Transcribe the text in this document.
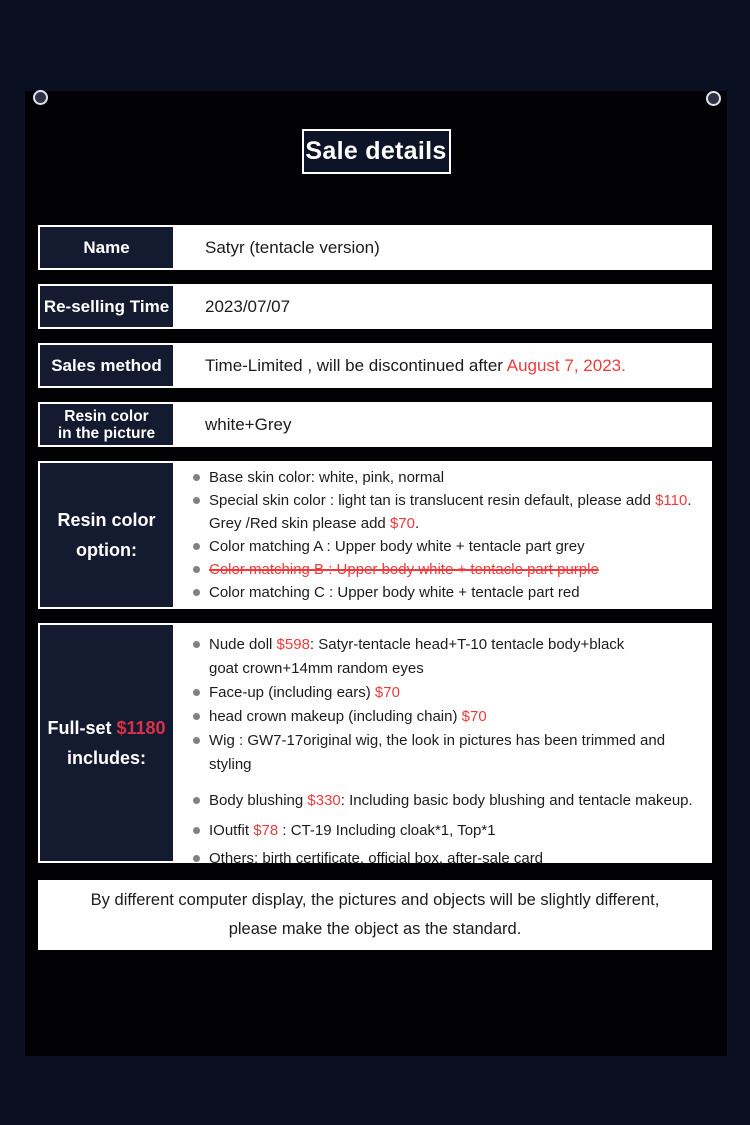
Sale details
Name	Satyr (tentacle version)
Re-selling Time 2023/07/07
Sales method	Time-Limited , will be discontinued after August 7, 2023.
Resin color
in the picture	white+Grey
Resin color
option:
Base skin color: white, pink, normal
Special skin color : light tan is translucent resin default, please add $110.
Grey /Red skin please add $70.
Color matching A : Upper body white + tentacle part grey
Color matching B : Upper body white + tentacle part purple
Color matching C : Upper body white + tentacle part red
Full-set $1180
includes:
Nude doll $598: Satyr-tentacle head+T-10 tentacle body+black
goat crown+14mm random eyes
Face-up (including ears) $70
head crown makeup (including chain) $70
Wig : GW7-17original wig, the look in pictures has been trimmed and
styling
Body blushing $330: Including basic body blushing and tentacle makeup.
IOutfit $78 : CT-19 Including cloak*1, Top*1
Others: birth certificate, official box, after-sale card
By different computer display, the pictures and objects will be slightly different,
please make the object as the standard.
